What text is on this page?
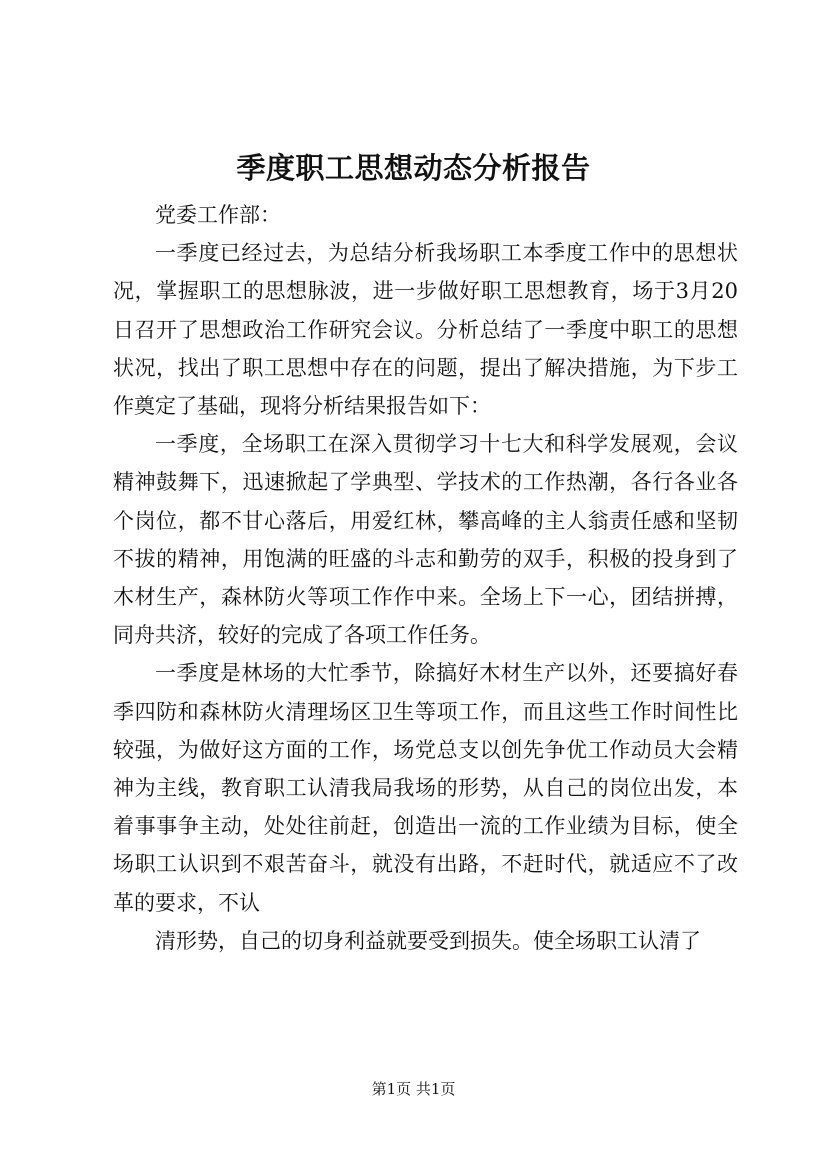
季度职工思想动态分析报告

党委工作部：

一季度已经过去，为总结分析我场职工本季度工作中的思想状况，掌握职工的思想脉波，进一步做好职工思想教育，场于3月20日召开了思想政治工作研究会议。分析总结了一季度中职工的思想状况，找出了职工思想中存在的问题，提出了解决措施，为下步工作奠定了基础，现将分析结果报告如下：

一季度，全场职工在深入贯彻学习十七大和科学发展观，会议精神鼓舞下，迅速掀起了学典型、学技术的工作热潮，各行各业各个岗位，都不甘心落后，用爱红林，攀高峰的主人翁责任感和坚韧不拔的精神，用饱满的旺盛的斗志和勤劳的双手，积极的投身到了木材生产，森林防火等项工作作中来。全场上下一心，团结拼搏，同舟共济，较好的完成了各项工作任务。

一季度是林场的大忙季节，除搞好木材生产以外，还要搞好春季四防和森林防火清理场区卫生等项工作，而且这些工作时间性比较强，为做好这方面的工作，场党总支以创先争优工作动员大会精神为主线，教育职工认清我局我场的形势，从自己的岗位出发，本着事事争主动，处处往前赶，创造出一流的工作业绩为目标，使全场职工认识到不艰苦奋斗，就没有出路，不赶时代，就适应不了改革的要求，不认

清形势，自己的切身利益就要受到损失。使全场职工认清了

第1页 共1页
